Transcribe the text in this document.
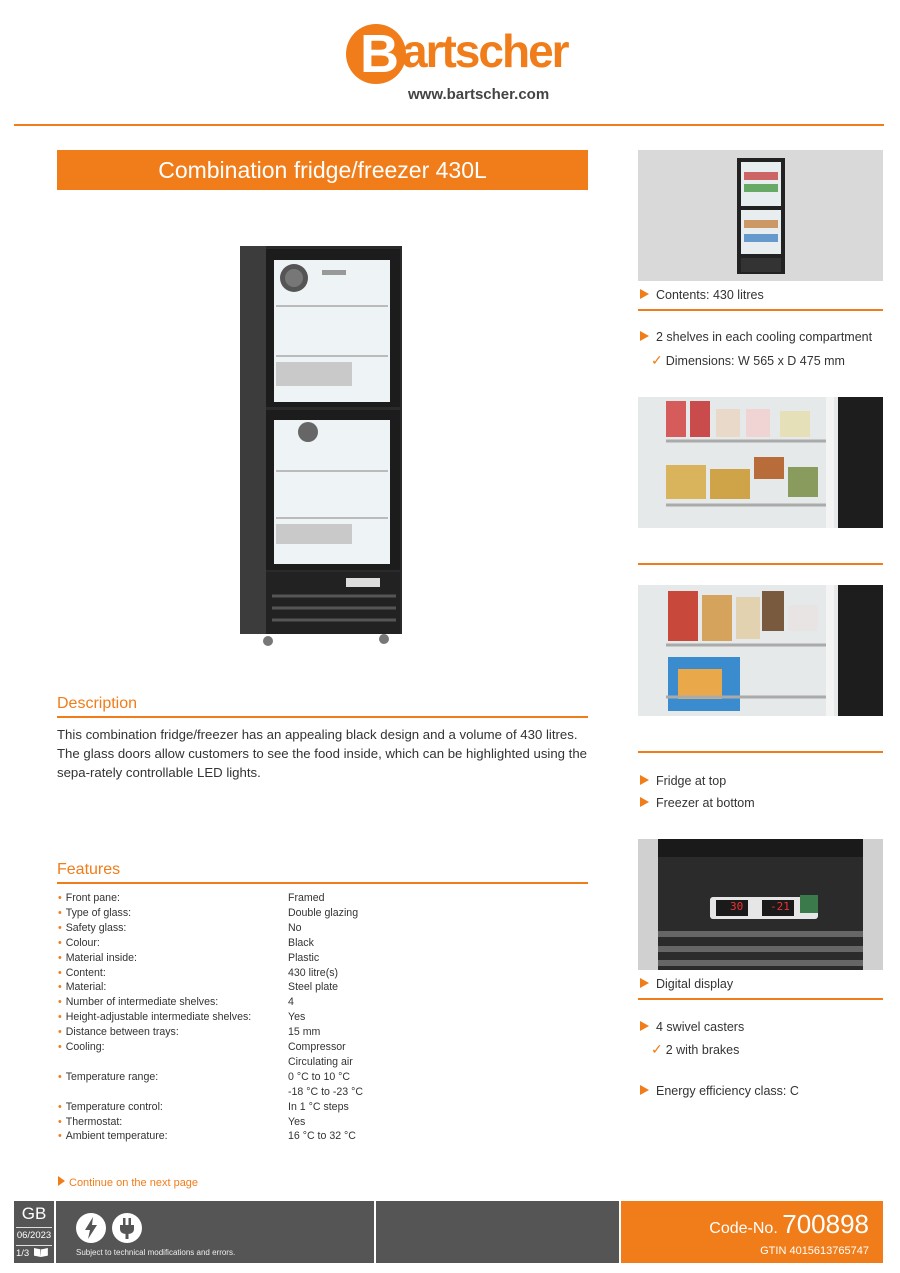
B artscher
www.bartscher.com
Combination fridge/freezer 430L
Description
This combination fridge/freezer has an appealing black design and a volume of 430 litres. The glass doors allow customers to see the food inside, which can be highlighted using the sepa-rately controllable LED lights.
Features
• Front pane:	Framed
• Type of glass:	Double glazing
• Safety glass:	No
• Colour:	Black
• Material inside:	Plastic
• Content:	430 litre(s)
• Material:	Steel plate
• Number of intermediate shelves:	4
• Height-adjustable intermediate shelves:	Yes
• Distance between trays:	15 mm
• Cooling:	Compressor
Circulating air
• Temperature range:	0 °C to 10 °C
-18 °C to -23 °C
• Temperature control:	In 1 °C steps
• Thermostat:	Yes
• Ambient temperature:	16 °C to 32 °C
Continue on the next page
Contents: 430 litres
2 shelves in each cooling compartment
✓ Dimensions: W 565 x D 475 mm
Fridge at top
Freezer at bottom
30 -21
Digital display
4 swivel casters
✓ 2 with brakes
Energy efficiency class: C
GB
06/2023
1/3	Subject to technical modifications and errors.
Code-No. 700898
GTIN 4015613765747
